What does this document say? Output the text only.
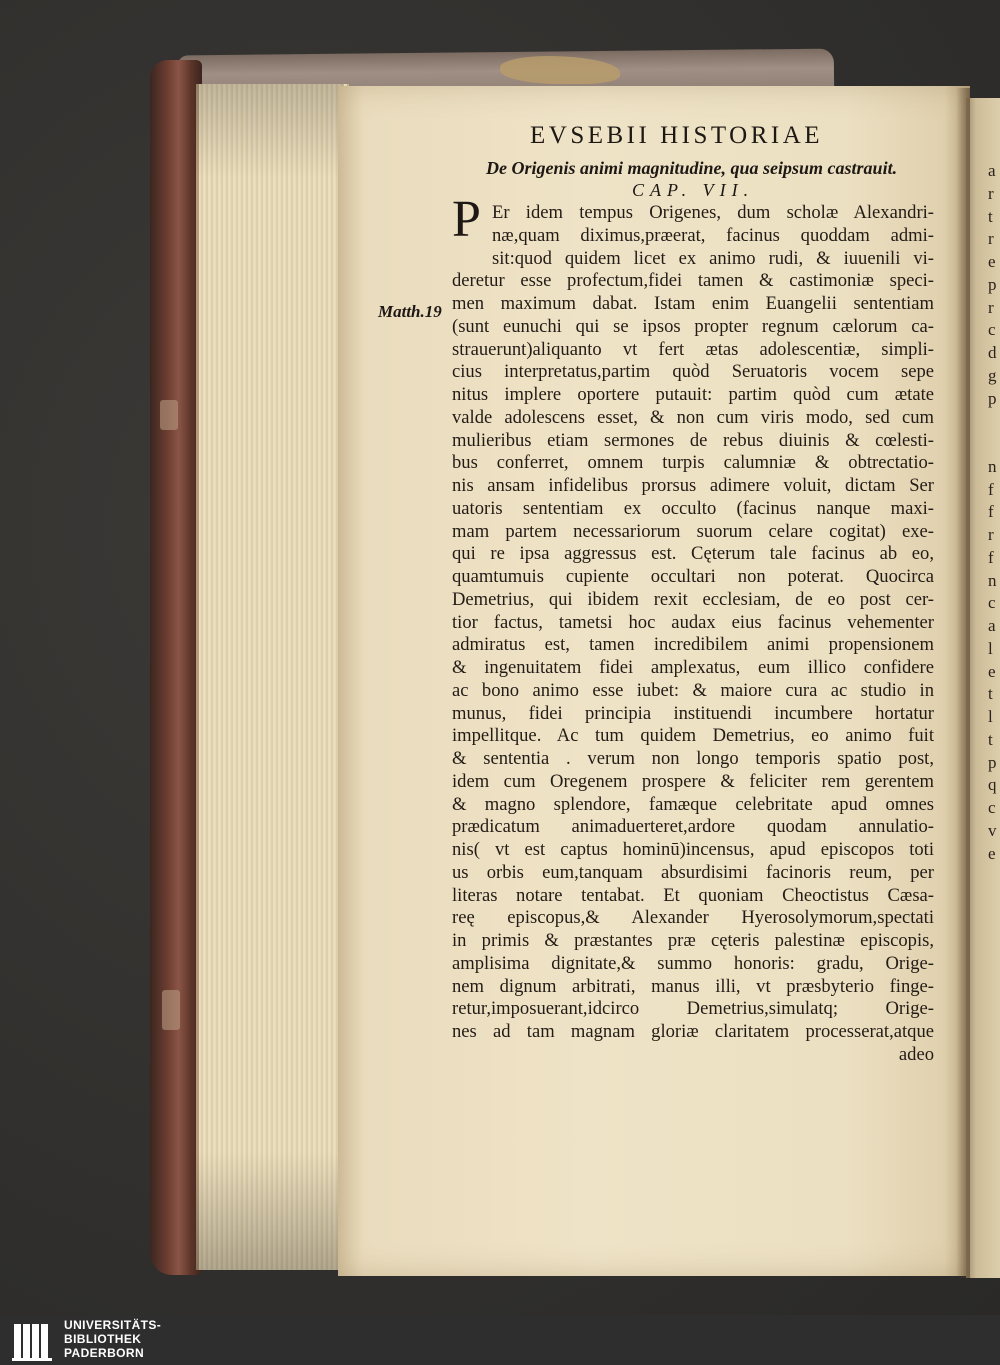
EVSEBII HISTORIAE
De Origenis animi magnitudine, qua seipsum castrauit.
CAP. VII.
P
Matth.19
Er idem tempus Origenes, dum scholæ Alexandri-
næ,quam diximus,præerat, facinus quoddam admi-
sit:quod quidem licet ex animo rudi, & iuuenili vi-
deretur esse profectum,fidei tamen & castimoniæ speci-
men maximum dabat. Istam enim Euangelii sententiam
(sunt eunuchi qui se ipsos propter regnum cælorum ca-
strauerunt)aliquanto vt fert ætas adolescentiæ, simpli-
cius interpretatus,partim quòd Seruatoris vocem sepe
nitus implere oportere putauit: partim quòd cum ætate
valde adolescens esset, & non cum viris modo, sed cum
mulieribus etiam sermones de rebus diuinis & cœlesti-
bus conferret, omnem turpis calumniæ & obtrectatio-
nis ansam infidelibus prorsus adimere voluit, dictam Ser
uatoris sententiam ex occulto (facinus nanque maxi-
mam partem necessariorum suorum celare cogitat) exe-
qui re ipsa aggressus est. Cęterum tale facinus ab eo,
quamtumuis cupiente occultari non poterat. Quocirca
Demetrius, qui ibidem rexit ecclesiam, de eo post cer-
tior factus, tametsi hoc audax eius facinus vehementer
admiratus est, tamen incredibilem animi propensionem
& ingenuitatem fidei amplexatus, eum illico confidere
ac bono animo esse iubet: & maiore cura ac studio in
munus, fidei principia instituendi incumbere hortatur
impellitque. Ac tum quidem Demetrius, eo animo fuit
& sententia . verum non longo temporis spatio post,
idem cum Oregenem prospere & feliciter rem gerentem
& magno splendore, famæque celebritate apud omnes
prædicatum animaduerteret,ardore quodam annulatio-
nis( vt est captus hominū)incensus, apud episcopos toti
us orbis eum,tanquam absurdisimi facinoris reum, per
literas notare tentabat. Et quoniam Cheoctistus Cæsa-
reę episcopus,& Alexander Hyerosolymorum,spectati
in primis & præstantes præ cęteris palestinæ episcopis,
amplisima dignitate,& summo honoris: gradu, Orige-
nem dignum arbitrati, manus illi, vt præsbyterio finge-
retur,imposuerant,idcirco Demetrius,simulatq; Orige-
nes ad tam magnam gloriæ claritatem processerat,atque
adeo
a
r
t
r
e
p
r
c
d
g
p
n
f
f
r
f
n
c
a
l
e
t
l
t
p
q
c
v
e
UNIVERSITÄTS-
BIBLIOTHEK
PADERBORN
